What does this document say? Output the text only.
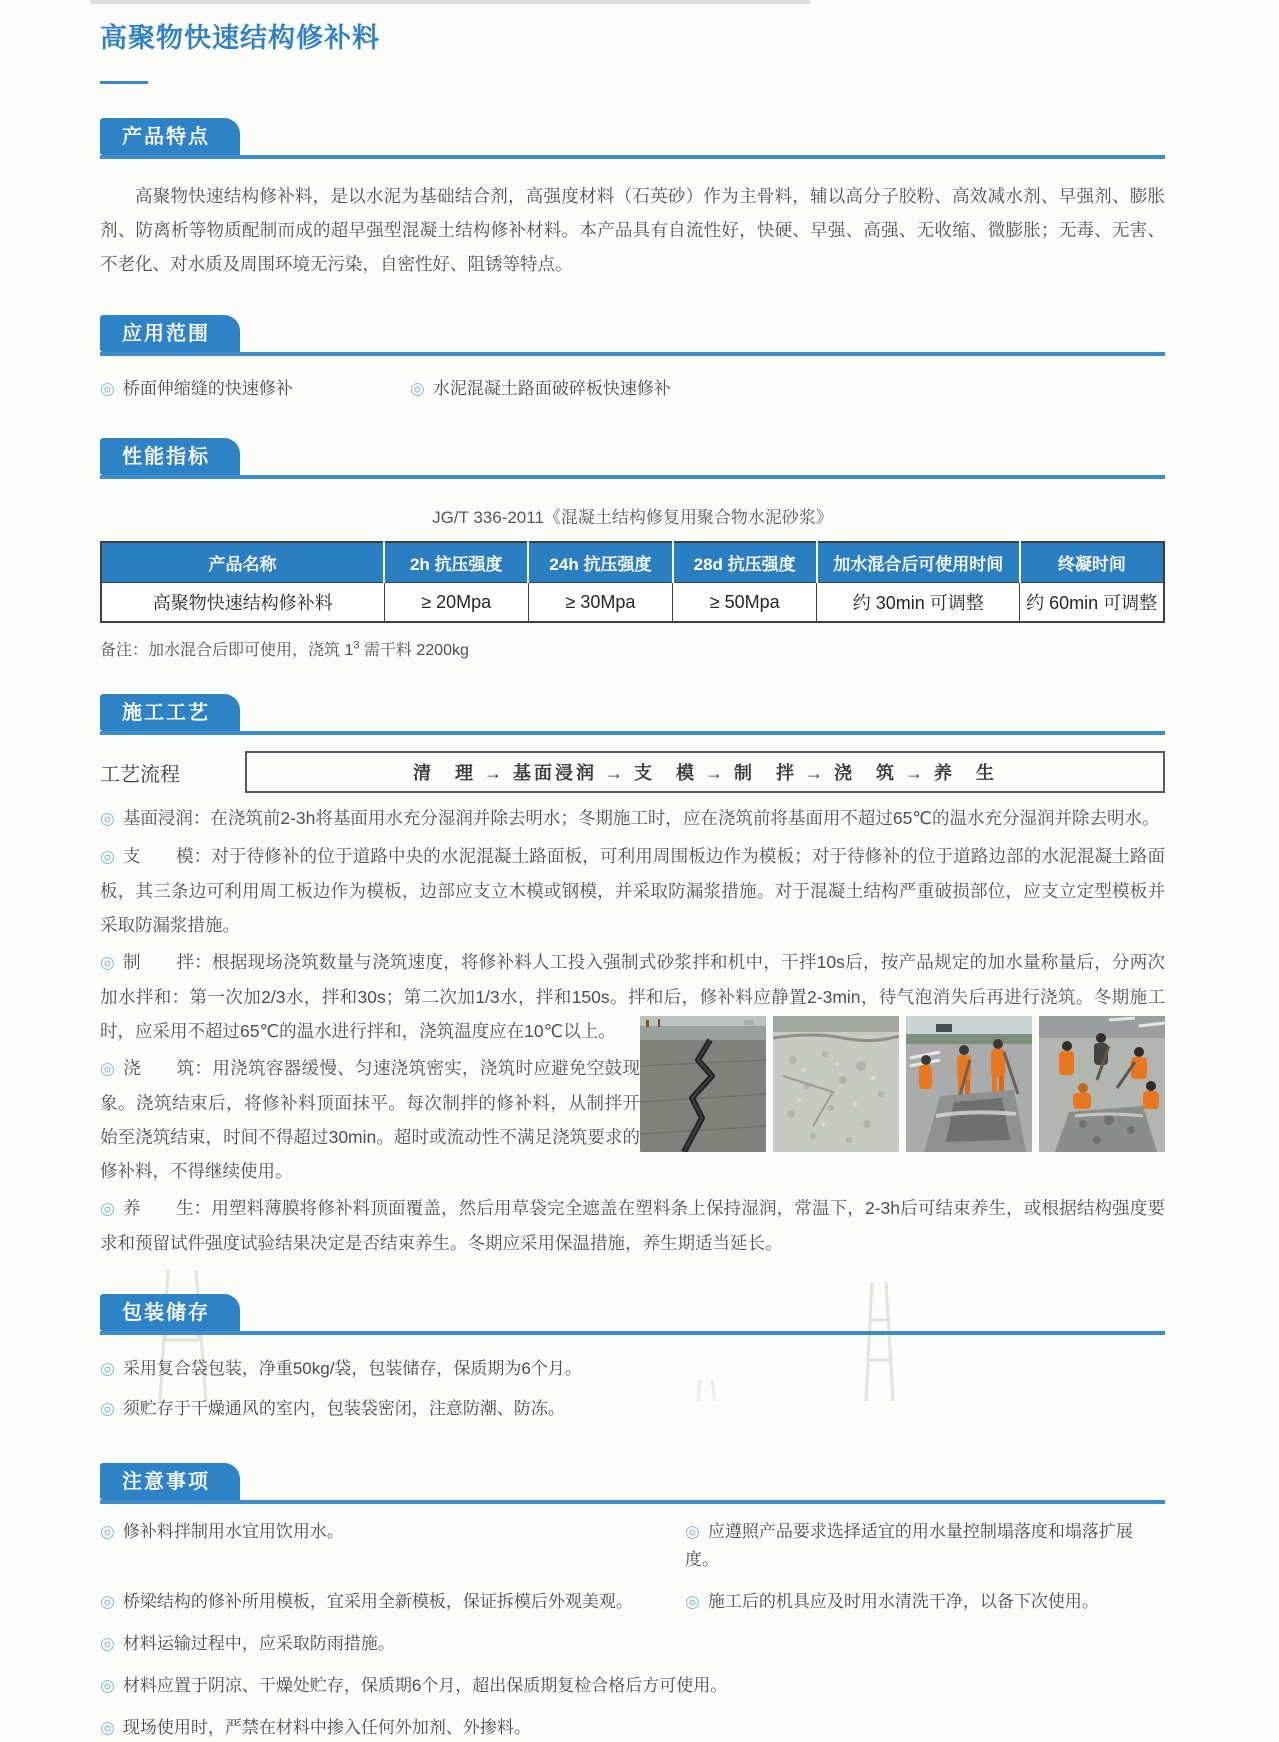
高聚物快速结构修补料
产品特点

高聚物快速结构修补料，是以水泥为基础结合剂，高强度材料（石英砂）作为主骨料，辅以高分子胶粉、高效减水剂、早强剂、膨胀剂、防离析等物质配制而成的超早强型混凝土结构修补材料。本产品具有自流性好，快硬、早强、高强、无收缩、微膨胀；无毒、无害、不老化、对水质及周围环境无污染，自密性好、阻锈等特点。

应用范围
◎ 桥面伸缩缝的快速修补	◎ 水泥混凝土路面破碎板快速修补
性能指标

JG/T 336-2011《混凝土结构修复用聚合物水泥砂浆》

产品名称	2h 抗压强度	24h 抗压强度	28d 抗压强度	加水混合后可使用时间	终凝时间
高聚物快速结构修补料	≥ 20Mpa	≥ 30Mpa	≥ 50Mpa	约 30min 可调整	约 60min 可调整

备注：加水混合后即可使用，浇筑 $1^3$ 需干料 2200kg

施工工艺
工艺流程	清　理 → 基面浸润 → 支　模 → 制　拌 → 浇　筑 → 养　生

◎ 基面浸润：在浇筑前2-3h将基面用水充分湿润并除去明水；冬期施工时，应在浇筑前将基面用不超过65℃的温水充分湿润并除去明水。

◎ 支　　模：对于待修补的位于道路中央的水泥混凝土路面板，可利用周围板边作为模板；对于待修补的位于道路边部的水泥混凝土路面板，其三条边可利用周工板边作为模板，边部应支立木模或钢模，并采取防漏浆措施。对于混凝土结构严重破损部位，应支立定型模板并采取防漏浆措施。

◎ 制　　拌：根据现场浇筑数量与浇筑速度，将修补料人工投入强制式砂浆拌和机中，干拌10s后，按产品规定的加水量称量后，分两次加水拌和：第一次加2/3水，拌和30s；第二次加1/3水，拌和150s。拌和后，修补料应静置2-3min，待气泡消失后再进行浇筑。冬期施工时，应采用不超过65℃的温水进行拌和，浇筑温度应在10℃以上。

◎ 浇　　筑：用浇筑容器缓慢、匀速浇筑密实，浇筑时应避免空鼓现象。浇筑结束后，将修补料顶面抹平。每次制拌的修补料，从制拌开始至浇筑结束，时间不得超过30min。超时或流动性不满足浇筑要求的修补料，不得继续使用。

◎ 养　　生：用塑料薄膜将修补料顶面覆盖，然后用草袋完全遮盖在塑料条上保持湿润，常温下，2-3h后可结束养生，或根据结构强度要求和预留试件强度试验结果决定是否结束养生。冬期应采用保温措施，养生期适当延长。

包装储存

◎ 采用复合袋包装，净重50kg/袋，包装储存，保质期为6个月。

◎ 须贮存于干燥通风的室内，包装袋密闭，注意防潮、防冻。

注意事项
◎ 修补料拌制用水宜用饮用水。	◎ 应遵照产品要求选择适宜的用水量控制塌落度和塌落扩展度。
◎ 桥梁结构的修补所用模板，宜采用全新模板，保证拆模后外观美观。	◎ 施工后的机具应及时用水清洗干净，以备下次使用。
◎ 材料运输过程中，应采取防雨措施。
◎ 材料应置于阴凉、干燥处贮存，保质期6个月，超出保质期复检合格后方可使用。
◎ 现场使用时，严禁在材料中掺入任何外加剂、外掺料。
